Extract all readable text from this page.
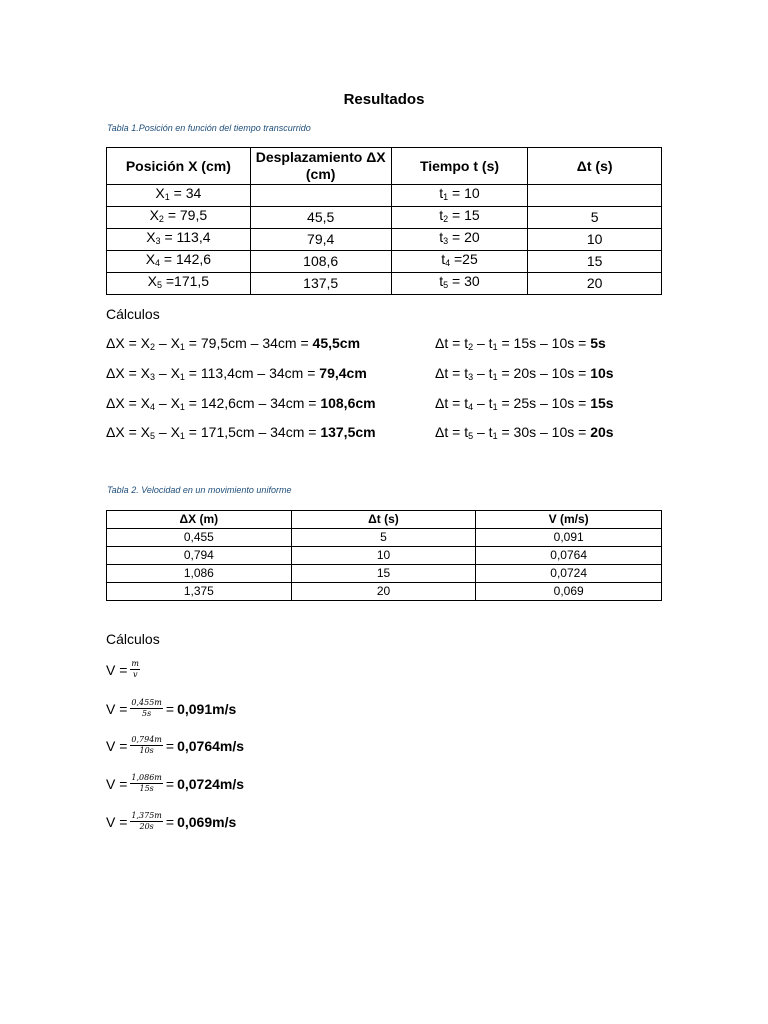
Resultados
Tabla 1.Posición en función del tiempo transcurrido
Posición X (cm)	Desplazamiento ΔX (cm)	Tiempo t (s)	Δt (s)
$X_1 = 34$		$t_1 = 10$	
$X_2 = 79,5$	45,5	$t_2 = 15$	5
$X_3 = 113,4$	79,4	$t_3 = 20$	10
$X_4 = 142,6$	108,6	$t_4 =25$	15
$X_5 =171,5$	137,5	$t_5 = 30$	20
Cálculos
$\Delta X = X_2 - X_1 = 79,5cm - 34cm = 45,5cm$
$\Delta X = X_3 - X_1 = 113,4cm - 34cm = 79,4cm$
$\Delta X = X_4 - X_1 = 142,6cm - 34cm = 108,6cm$
$\Delta X = X_5 - X_1 = 171,5cm - 34cm = 137,5cm$
$\Delta t = t_2 - t_1 = 15s - 10s = 5s$
$\Delta t = t_3 - t_1 = 20s - 10s = 10s$
$\Delta t = t_4 - t_1 = 25s - 10s = 15s$
$\Delta t = t_5 - t_1 = 30s - 10s = 20s$
Tabla 2. Velocidad en un movimiento uniforme
ΔX (m)	Δt (s)	V (m/s)
0,455	5	0,091
0,794	10	0,0764
1,086	15	0,0724
1,375	20	0,069
Cálculos
$V = \frac{m}{v}$
$V = \frac{0,455m}{5s} = 0,091m/s$
$V = \frac{0,794m}{10s} = 0,0764m/s$
$V = \frac{1,086m}{15s} = 0,0724m/s$
$V = \frac{1,375m}{20s} = 0,069m/s$
